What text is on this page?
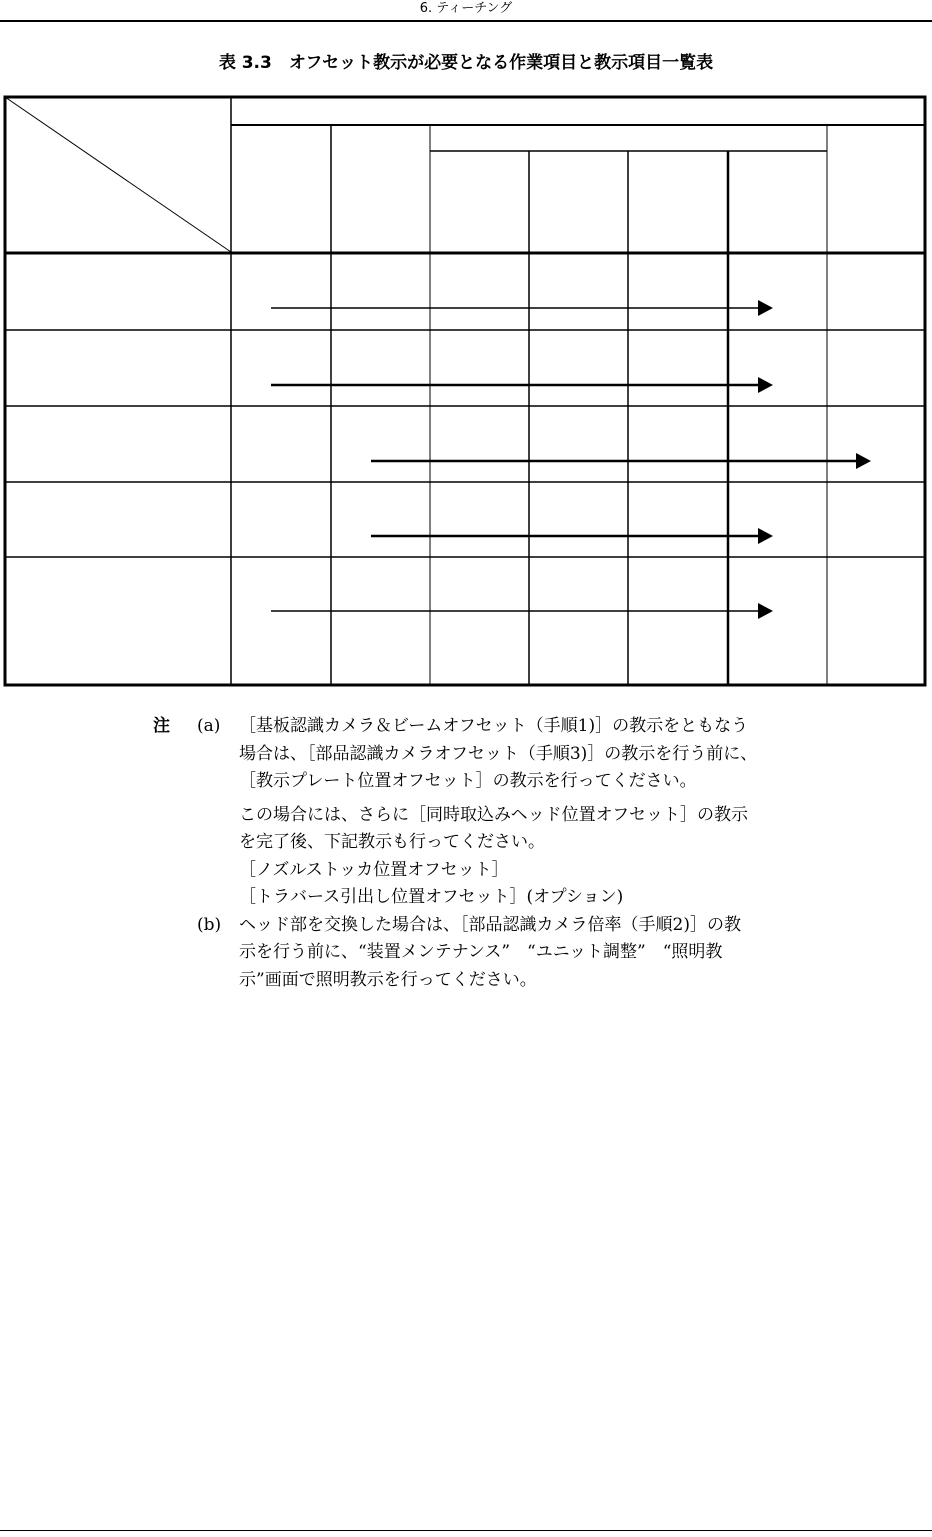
6. ティーチング
表 3.3　オフセット教示が必要となる作業項目と教示項目一覧表
注 (a) ［基板認識カメラ＆ビームオフセット（手順1)］の教示をともなう
場合は、［部品認識カメラオフセット（手順3)］の教示を行う前に、
［教示プレート位置オフセット］の教示を行ってください。
この場合には、さらに［同時取込みヘッド位置オフセット］の教示
を完了後、下記教示も行ってください。
［ノズルストッカ位置オフセット］
［トラバース引出し位置オフセット］(オプション)
(b) ヘッド部を交換した場合は、［部品認識カメラ倍率（手順2)］の教
示を行う前に、“装置メンテナンス”　“ユニット調整”　“照明教
示”画面で照明教示を行ってください。
